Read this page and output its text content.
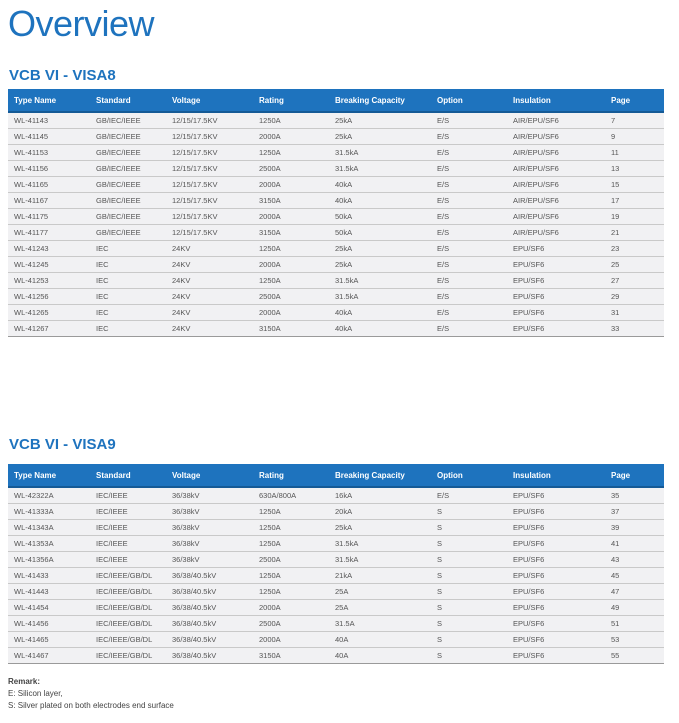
Overview
VCB VI - VISA8
Type Name	Standard	Voltage	Rating	Breaking Capacity	Option	Insulation	Page
WL-41143	GB/IEC/IEEE	12/15/17.5KV	1250A	25kA	E/S	AIR/EPU/SF6	7
WL-41145	GB/IEC/IEEE	12/15/17.5KV	2000A	25kA	E/S	AIR/EPU/SF6	9
WL-41153	GB/IEC/IEEE	12/15/17.5KV	1250A	31.5kA	E/S	AIR/EPU/SF6	11
WL-41156	GB/IEC/IEEE	12/15/17.5KV	2500A	31.5kA	E/S	AIR/EPU/SF6	13
WL-41165	GB/IEC/IEEE	12/15/17.5KV	2000A	40kA	E/S	AIR/EPU/SF6	15
WL-41167	GB/IEC/IEEE	12/15/17.5KV	3150A	40kA	E/S	AIR/EPU/SF6	17
WL-41175	GB/IEC/IEEE	12/15/17.5KV	2000A	50kA	E/S	AIR/EPU/SF6	19
WL-41177	GB/IEC/IEEE	12/15/17.5KV	3150A	50kA	E/S	AIR/EPU/SF6	21
WL-41243	IEC	24KV	1250A	25kA	E/S	EPU/SF6	23
WL-41245	IEC	24KV	2000A	25kA	E/S	EPU/SF6	25
WL-41253	IEC	24KV	1250A	31.5kA	E/S	EPU/SF6	27
WL-41256	IEC	24KV	2500A	31.5kA	E/S	EPU/SF6	29
WL-41265	IEC	24KV	2000A	40kA	E/S	EPU/SF6	31
WL-41267	IEC	24KV	3150A	40kA	E/S	EPU/SF6	33
VCB VI - VISA9
Type Name	Standard	Voltage	Rating	Breaking Capacity	Option	Insulation	Page
WL-42322A	IEC/IEEE	36/38kV	630A/800A	16kA	E/S	EPU/SF6	35
WL-41333A	IEC/IEEE	36/38kV	1250A	20kA	S	EPU/SF6	37
WL-41343A	IEC/IEEE	36/38kV	1250A	25kA	S	EPU/SF6	39
WL-41353A	IEC/IEEE	36/38kV	1250A	31.5kA	S	EPU/SF6	41
WL-41356A	IEC/IEEE	36/38kV	2500A	31.5kA	S	EPU/SF6	43
WL-41433	IEC/IEEE/GB/DL	36/38/40.5kV	1250A	21kA	S	EPU/SF6	45
WL-41443	IEC/IEEE/GB/DL	36/38/40.5kV	1250A	25A	S	EPU/SF6	47
WL-41454	IEC/IEEE/GB/DL	36/38/40.5kV	2000A	25A	S	EPU/SF6	49
WL-41456	IEC/IEEE/GB/DL	36/38/40.5kV	2500A	31.5A	S	EPU/SF6	51
WL-41465	IEC/IEEE/GB/DL	36/38/40.5kV	2000A	40A	S	EPU/SF6	53
WL-41467	IEC/IEEE/GB/DL	36/38/40.5kV	3150A	40A	S	EPU/SF6	55
Remark:
E: Silicon layer,
S: Silver plated on both electrodes end surface
